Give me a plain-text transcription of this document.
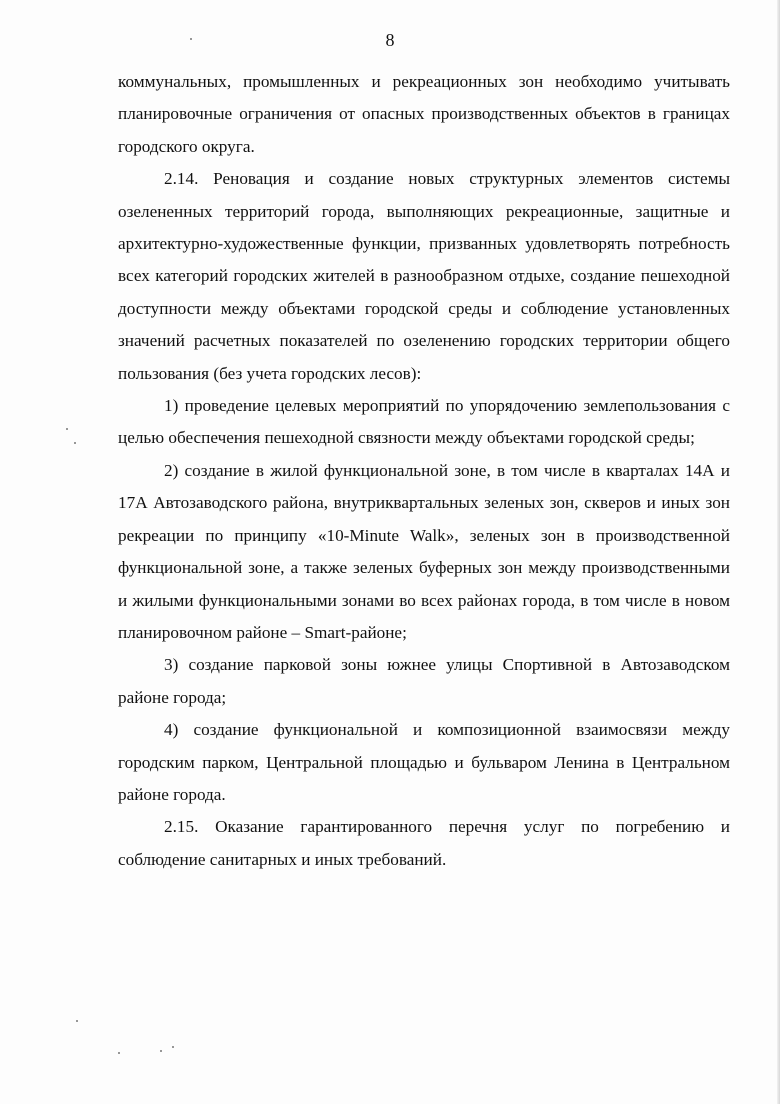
8

коммунальных, промышленных и рекреационных зон необходимо учитывать планировочные ограничения от опасных производственных объектов в границах городского округа.

2.14. Реновация и создание новых структурных элементов системы озелененных территорий города, выполняющих рекреационные, защитные и архитектурно-художественные функции, призванных удовлетворять потребность всех категорий городских жителей в разнообразном отдыхе, создание пешеходной доступности между объектами городской среды и соблюдение установленных значений расчетных показателей по озеленению городских территории общего пользования (без учета городских лесов):

1) проведение целевых мероприятий по упорядочению землепользования с целью обеспечения пешеходной связности между объектами городской среды;

2) создание в жилой функциональной зоне, в том числе в кварталах 14А и 17А Автозаводского района, внутриквартальных зеленых зон, скверов и иных зон рекреации по принципу «10-Minute Walk», зеленых зон в производственной функциональной зоне, а также зеленых буферных зон между производственными и жилыми функциональными зонами во всех районах города, в том числе в новом планировочном районе – Smart-районе;

3) создание парковой зоны южнее улицы Спортивной в Автозаводском районе города;

4) создание функциональной и композиционной взаимосвязи между городским парком, Центральной площадью и бульваром Ленина в Центральном районе города.

2.15. Оказание гарантированного перечня услуг по погребению и соблюдение санитарных и иных требований.
